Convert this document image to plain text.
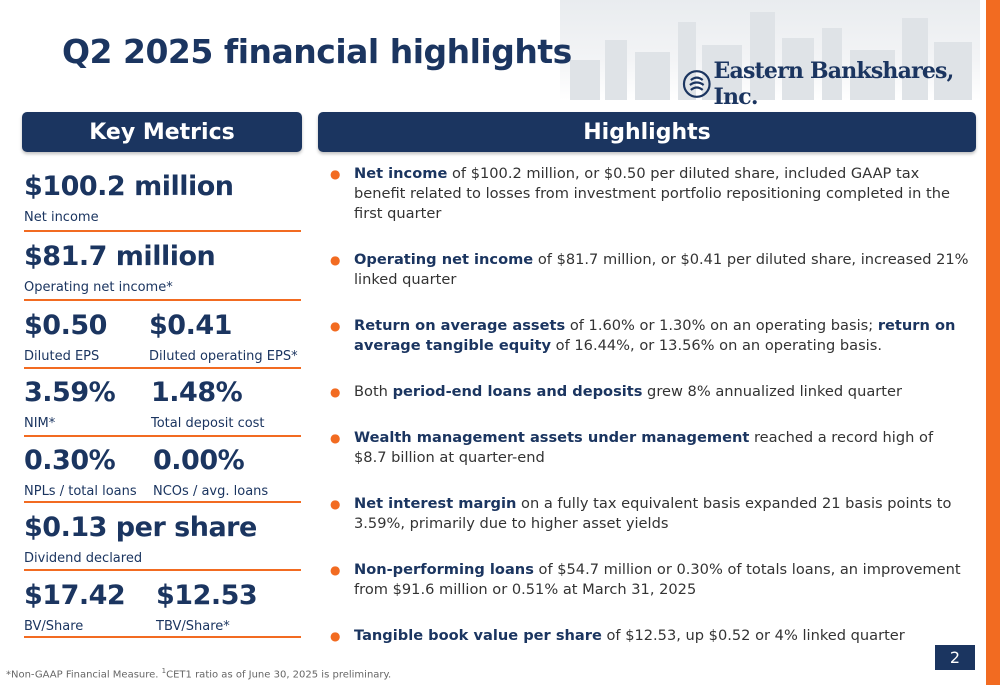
Q2 2025 financial highlights	Eastern Bankshares, Inc.
Key Metrics	Highlights
$100.2 million
Net income
$81.7 million
Operating net income*
$0.50
Diluted EPS
$0.41
Diluted operating EPS*
3.59%
NIM*
1.48%
Total deposit cost
0.30%
NPLs / total loans
0.00%
NCOs / avg. loans
$0.13 per share
Dividend declared
$17.42
BV/Share
$12.53
TBV/Share*
● Net income of $100.2 million, or $0.50 per diluted share, included GAAP tax benefit related to losses from investment portfolio repositioning completed in the first quarter
● Operating net income of $81.7 million, or $0.41 per diluted share, increased 21% linked quarter
● Return on average assets of 1.60% or 1.30% on an operating basis; return on average tangible equity of 16.44%, or 13.56% on an operating basis.
● Both period-end loans and deposits grew 8% annualized linked quarter
● Wealth management assets under management reached a record high of $8.7 billion at quarter-end
● Net interest margin on a fully tax equivalent basis expanded 21 basis points to 3.59%, primarily due to higher asset yields
● Non-performing loans of $54.7 million or 0.30% of totals loans, an improvement from $91.6 million or 0.51% at March 31, 2025
● Tangible book value per share of $12.53, up $0.52 or 4% linked quarter
*Non-GAAP Financial Measure. $^1$CET1 ratio as of June 30, 2025 is preliminary.
2
